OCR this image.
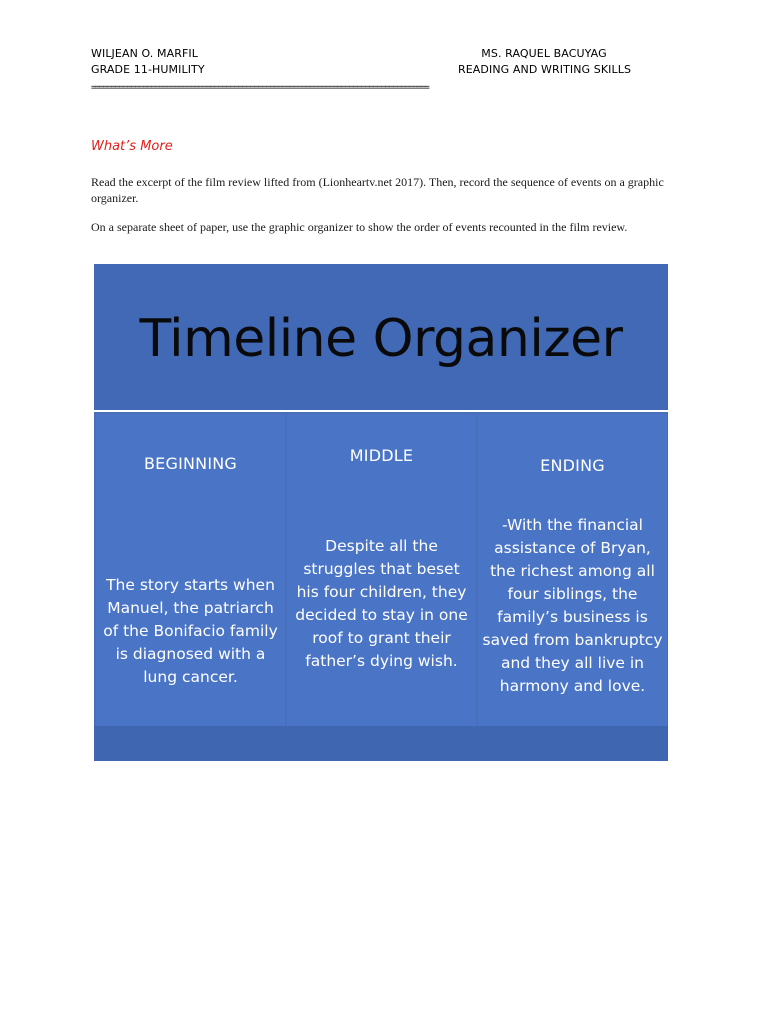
WILJEAN O. MARFIL
GRADE 11-HUMILITY
MS. RAQUEL BACUYAG
READING AND WRITING SKILLS
=====================================================================================
What’s More
Read the excerpt of the film review lifted from (Lionheartv.net 2017). Then, record the sequence of events on a graphic organizer.
On a separate sheet of paper, use the graphic organizer to show the order of events recounted in the film review.
Timeline Organizer
BEGINNING
The story starts when Manuel, the patriarch of the Bonifacio family is diagnosed with a lung cancer.
MIDDLE
Despite all the struggles that beset his four children, they decided to stay in one roof to grant their father’s dying wish.
ENDING
-With the financial assistance of Bryan, the richest among all four siblings, the family’s business is saved from bankruptcy and they all live in harmony and love.
